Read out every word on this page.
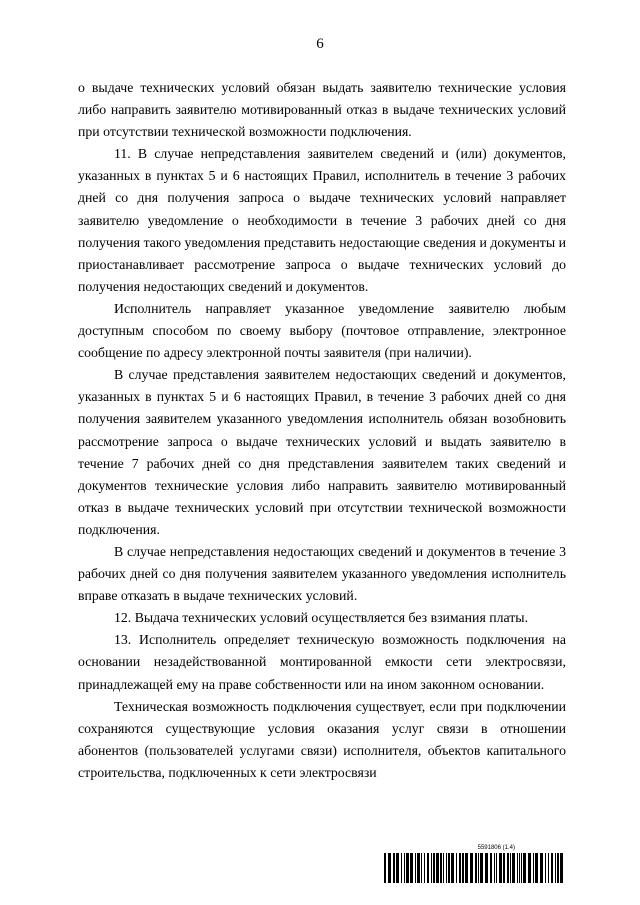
6

о выдаче технических условий обязан выдать заявителю технические условия либо направить заявителю мотивированный отказ в выдаче технических условий при отсутствии технической возможности подключения.

11. В случае непредставления заявителем сведений и (или) документов, указанных в пунктах 5 и 6 настоящих Правил, исполнитель в течение 3 рабочих дней со дня получения запроса о выдаче технических условий направляет заявителю уведомление о необходимости в течение 3 рабочих дней со дня получения такого уведомления представить недостающие сведения и документы и приостанавливает рассмотрение запроса о выдаче технических условий до получения недостающих сведений и документов.

Исполнитель направляет указанное уведомление заявителю любым доступным способом по своему выбору (почтовое отправление, электронное сообщение по адресу электронной почты заявителя (при наличии).

В случае представления заявителем недостающих сведений и документов, указанных в пунктах 5 и 6 настоящих Правил, в течение 3 рабочих дней со дня получения заявителем указанного уведомления исполнитель обязан возобновить рассмотрение запроса о выдаче технических условий и выдать заявителю в течение 7 рабочих дней со дня представления заявителем таких сведений и документов технические условия либо направить заявителю мотивированный отказ в выдаче технических условий при отсутствии технической возможности подключения.

В случае непредставления недостающих сведений и документов в течение 3 рабочих дней со дня получения заявителем указанного уведомления исполнитель вправе отказать в выдаче технических условий.

12. Выдача технических условий осуществляется без взимания платы.

13. Исполнитель определяет техническую возможность подключения на основании незадействованной монтированной емкости сети электросвязи, принадлежащей ему на праве собственности или на ином законном основании.

Техническая возможность подключения существует, если при подключении сохраняются существующие условия оказания услуг связи в отношении абонентов (пользователей услугами связи) исполнителя, объектов капитального строительства, подключенных к сети электросвязи

5591806 (1.4)
